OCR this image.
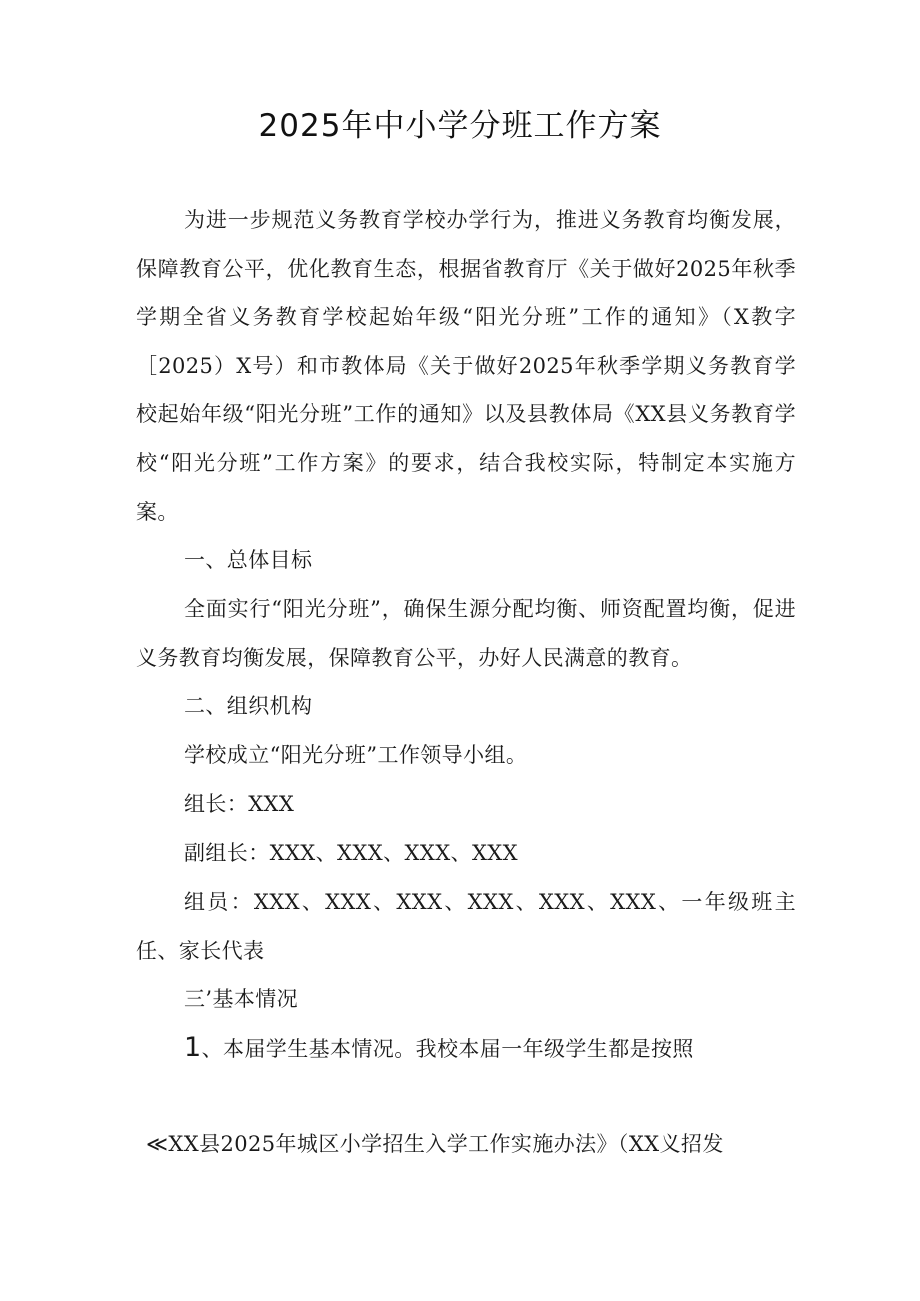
2025年中小学分班工作方案

为进一步规范义务教育学校办学行为，推进义务教育均衡发展，保障教育公平，优化教育生态，根据省教育厅《关于做好2025年秋季学期全省义务教育学校起始年级“阳光分班”工作的通知》（X教字［2025）X号）和市教体局《关于做好2025年秋季学期义务教育学校起始年级“阳光分班”工作的通知》以及县教体局《XX县义务教育学校“阳光分班”工作方案》的要求，结合我校实际，特制定本实施方案。

一、总体目标

全面实行“阳光分班”，确保生源分配均衡、师资配置均衡，促进义务教育均衡发展，保障教育公平，办好人民满意的教育。

二、组织机构

学校成立“阳光分班”工作领导小组。

组长：XXX

副组长：XXX、XXX、XXX、XXX

组员：XXX、XXX、XXX、XXX、XXX、XXX、一年级班主任、家长代表

三’基本情况

1、本届学生基本情况。我校本届一年级学生都是按照

≪XX县2025年城区小学招生入学工作实施办法》（XX义招发
